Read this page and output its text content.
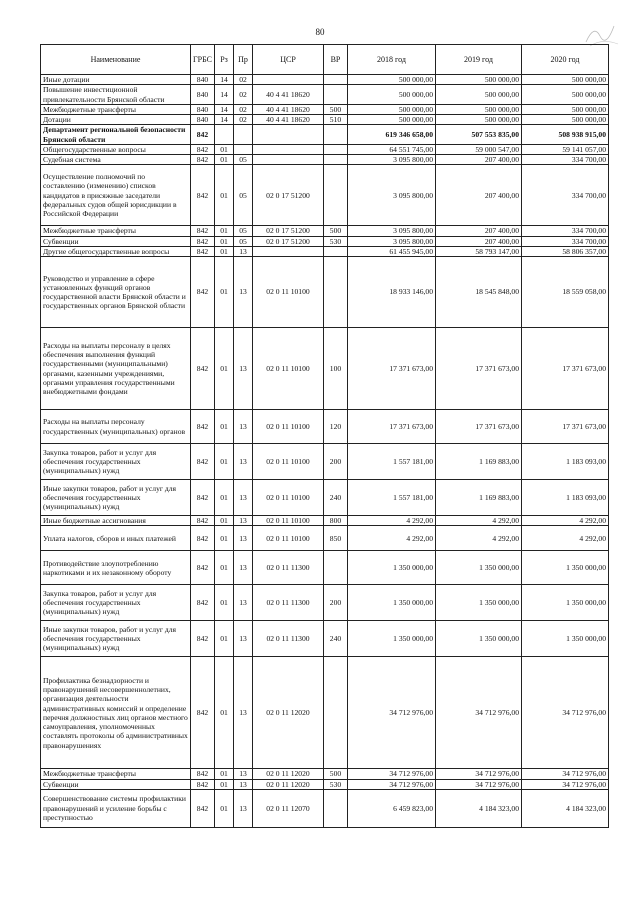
80
Наименование	ГРБС	Рз	Пр	ЦСР	ВР	2018 год	2019 год	2020 год
Иные дотации	840	14	02			500 000,00	500 000,00	500 000,00
Повышение инвестиционной привлекательности Брянской области	840	14	02	40 4 41 18620		500 000,00	500 000,00	500 000,00
Межбюджетные трансферты	840	14	02	40 4 41 18620	500	500 000,00	500 000,00	500 000,00
Дотации	840	14	02	40 4 41 18620	510	500 000,00	500 000,00	500 000,00
Департамент региональной безопасности Брянской области	842					619 346 658,00	507 553 835,00	508 938 915,00
Общегосударственные вопросы	842	01				64 551 745,00	59 000 547,00	59 141 057,00
Судебная система	842	01	05			3 095 800,00	207 400,00	334 700,00
Осуществление полномочий по составлению (изменению) списков кандидатов в присяжные заседатели федеральных судов общей юрисдикции в Российской Федерации	842	01	05	02 0 17 51200		3 095 800,00	207 400,00	334 700,00
Межбюджетные трансферты	842	01	05	02 0 17 51200	500	3 095 800,00	207 400,00	334 700,00
Субвенции	842	01	05	02 0 17 51200	530	3 095 800,00	207 400,00	334 700,00
Другие общегосударственные вопросы	842	01	13			61 455 945,00	58 793 147,00	58 806 357,00
Руководство и управление в сфере установленных функций органов государственной власти Брянской области и государственных органов Брянской области	842	01	13	02 0 11 10100		18 933 146,00	18 545 848,00	18 559 058,00
Расходы на выплаты персоналу в целях обеспечения выполнения функций государственными (муниципальными) органами, казенными учреждениями, органами управления государственными внебюджетными фондами	842	01	13	02 0 11 10100	100	17 371 673,00	17 371 673,00	17 371 673,00
Расходы на выплаты персоналу государственных (муниципальных) органов	842	01	13	02 0 11 10100	120	17 371 673,00	17 371 673,00	17 371 673,00
Закупка товаров, работ и услуг для обеспечения государственных (муниципальных) нужд	842	01	13	02 0 11 10100	200	1 557 181,00	1 169 883,00	1 183 093,00
Иные закупки товаров, работ и услуг для обеспечения государственных (муниципальных) нужд	842	01	13	02 0 11 10100	240	1 557 181,00	1 169 883,00	1 183 093,00
Иные бюджетные ассигнования	842	01	13	02 0 11 10100	800	4 292,00	4 292,00	4 292,00
Уплата налогов, сборов и иных платежей	842	01	13	02 0 11 10100	850	4 292,00	4 292,00	4 292,00
Противодействие злоупотреблению наркотиками и их незаконному обороту	842	01	13	02 0 11 11300		1 350 000,00	1 350 000,00	1 350 000,00
Закупка товаров, работ и услуг для обеспечения государственных (муниципальных) нужд	842	01	13	02 0 11 11300	200	1 350 000,00	1 350 000,00	1 350 000,00
Иные закупки товаров, работ и услуг для обеспечения государственных (муниципальных) нужд	842	01	13	02 0 11 11300	240	1 350 000,00	1 350 000,00	1 350 000,00
Профилактика безнадзорности и правонарушений несовершеннолетних, организация деятельности административных комиссий и определение перечня должностных лиц органов местного самоуправления, уполномоченных составлять протоколы об административных правонарушениях	842	01	13	02 0 11 12020		34 712 976,00	34 712 976,00	34 712 976,00
Межбюджетные трансферты	842	01	13	02 0 11 12020	500	34 712 976,00	34 712 976,00	34 712 976,00
Субвенции	842	01	13	02 0 11 12020	530	34 712 976,00	34 712 976,00	34 712 976,00
Совершенствование системы профилактики правонарушений и усиление борьбы с преступностью	842	01	13	02 0 11 12070		6 459 823,00	4 184 323,00	4 184 323,00
